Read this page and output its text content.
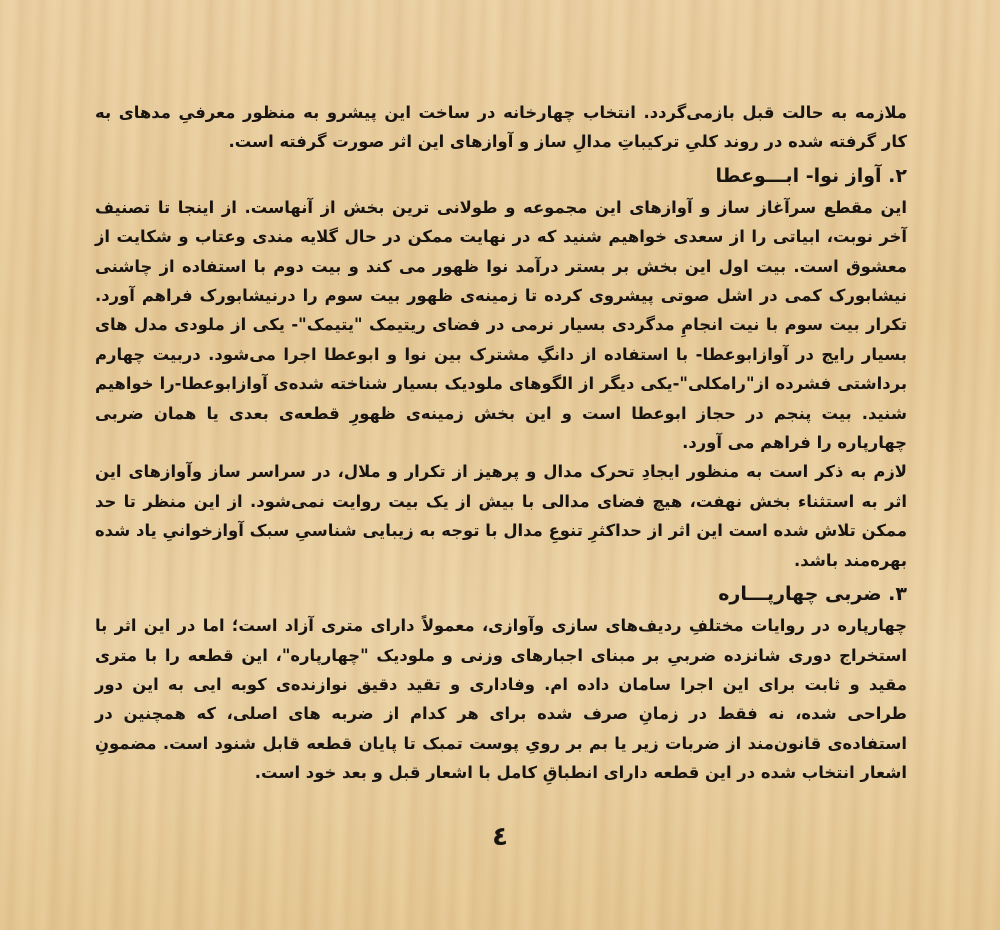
ملازمه به حالت قبل بازمی‌گردد. انتخاب چهارخانه در ساخت این پیشرو به منظور معرفیِ مدهای به کار گرفته شده در روند کلیِ ترکیباتِ مدالِ ساز و آوازهای این اثر صورت گرفته است.

۲. آواز نوا- ابـــوعطا

این مقطع سرآغاز ساز و آوازهای این مجموعه و طولانی ترین بخش از آنهاست. از اینجا تا تصنیف آخر نوبت، ابیاتی را از سعدی خواهیم شنید که در نهایت ممکن در حال گلایه مندی وعتاب و شکایت از معشوق است. بیت اول این بخش بر بستر درآمد نوا ظهور می کند و بیت دوم با استفاده از چاشنی نیشابورک کمی در اشل صوتی پیشروی کرده تا زمینه‌ی ظهور بیت سوم را درنیشابورک فراهم آورد. تکرار بیت سوم با نیت انجامِ مدگردی بسیار نرمی در فضای ریتیمک "یتیمک"- یکی از ملودی مدل های بسیار رایج در آوازابوعطا- با استفاده از دانگِ مشترک بین نوا و ابوعطا اجرا می‌شود. دربیت چهارم برداشتی فشرده از"رامکلی"-یکی دیگر از الگوهای ملودیک بسیار شناخته شده‌ی آوازابوعطا-را خواهیم شنید. بیت پنجم در حجاز ابوعطا است و این بخش زمینه‌ی ظهورِ قطعه‌ی بعدی یا همان ضربی چهارپاره را فراهم می آورد.

لازم به ذکر است به منظور ایجادِ تحرک مدال و پرهیز از تکرار و ملال، در سراسر ساز وآوازهای این اثر به استثناء بخش نهفت، هیچ فضای مدالی با بیش از یک بیت روایت نمی‌شود. از این منظر تا حد ممکن تلاش شده است این اثر از حداکثرِ تنوعِ مدال با توجه به زیبایی شناسیِ سبک آوازخوانیِ یاد شده بهره‌مند باشد.

۳. ضربی چهارپـــاره

چهارپاره در روایات مختلفِ ردیف‌های سازی وآوازی، معمولاً دارای متری آزاد است؛ اما در این اثر با استخراج دوری شانزده ضربیِ بر مبنای اجبارهای وزنی و ملودیک "چهارپاره"، این قطعه را با متری مقید و ثابت برای این اجرا سامان داده ام. وفاداری و تقید دقیق نوازنده‌ی کوبه ایی به این دور طراحی شده، نه فقط در زمانِ صرف شده برای هر کدام از ضربه های اصلی، که همچنین در استفاده‌ی قانون‌مند از ضربات زیر یا بم بر رویِ پوست تمبک تا پایان قطعه قابل شنود است. مضمونِ اشعار انتخاب شده در این قطعه دارای انطباقِ کامل با اشعار قبل و بعد خود است.

٤
